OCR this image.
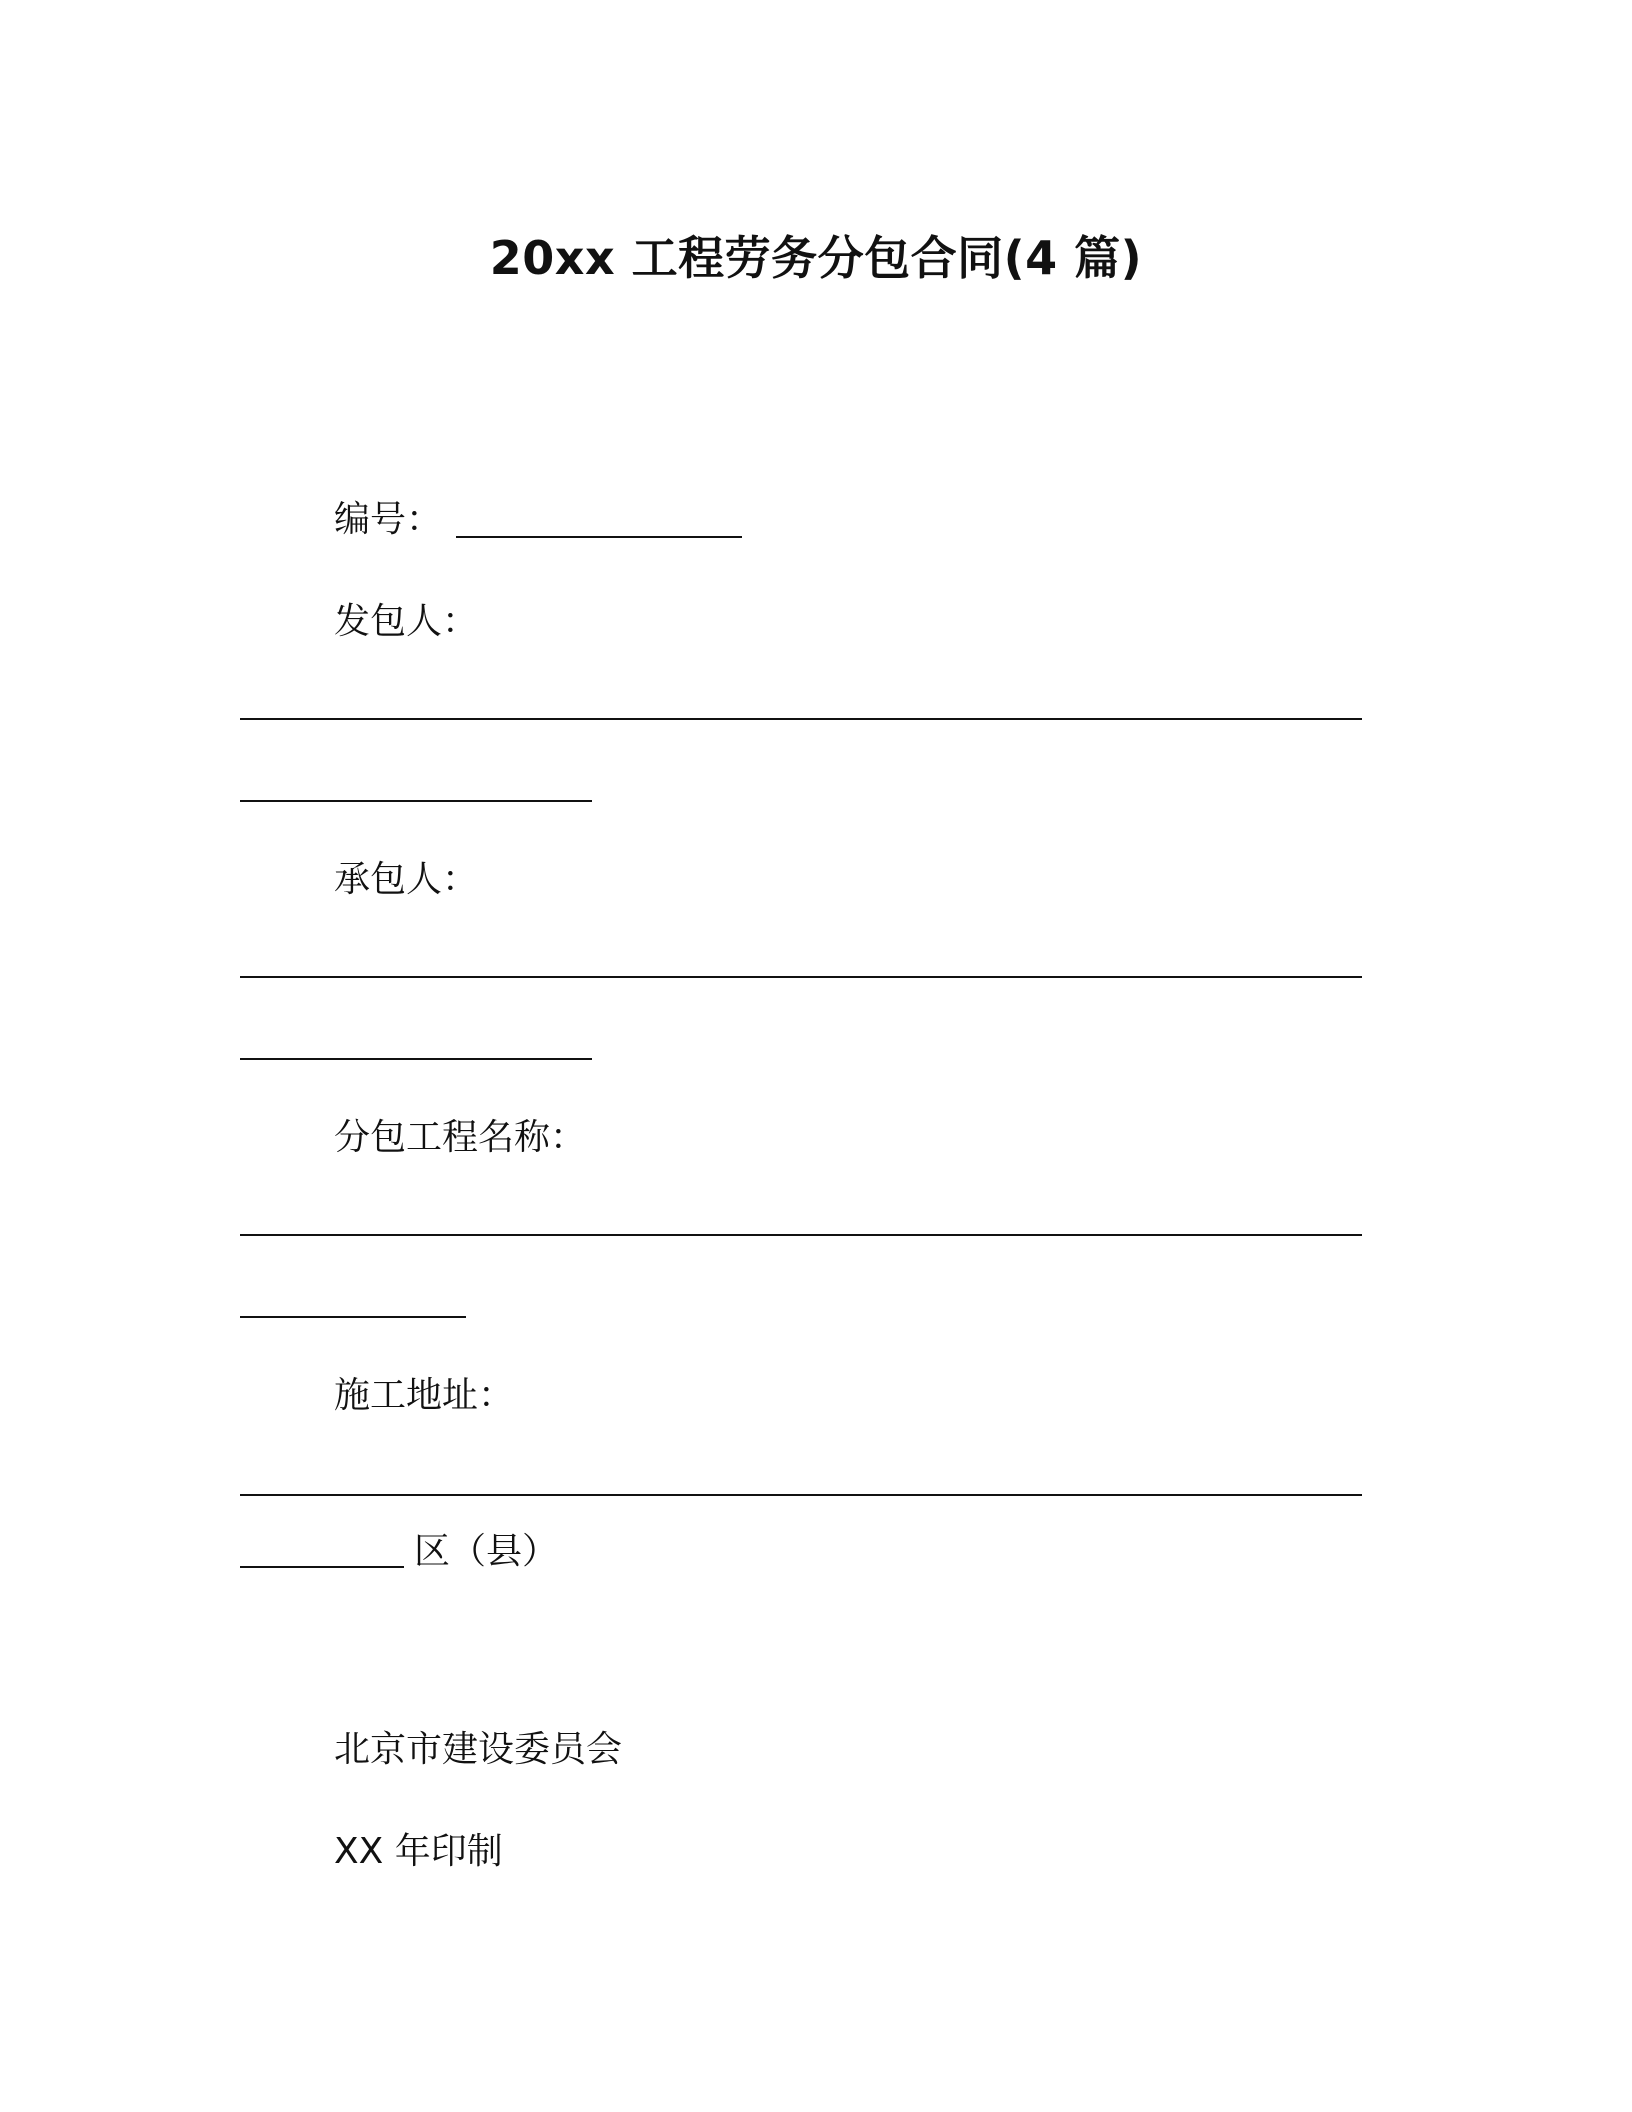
20xx 工程劳务分包合同(4 篇)
编号：
发包人：
承包人：
分包工程名称：
施工地址：
区（县）
北京市建设委员会
XX 年印制
